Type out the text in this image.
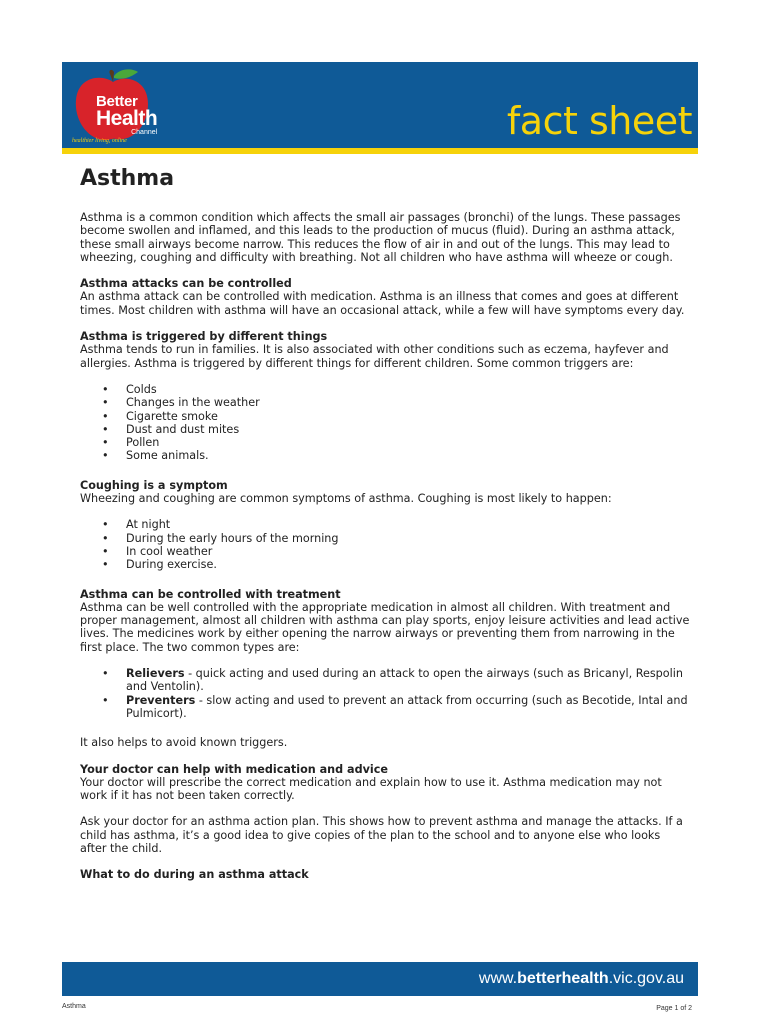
Better
Health
Channel
healthier living, online	fact sheet
Asthma

Asthma is a common condition which affects the small air passages (bronchi) of the lungs. These passages become swollen and inflamed, and this leads to the production of mucus (fluid). During an asthma attack, these small airways become narrow. This reduces the flow of air in and out of the lungs. This may lead to wheezing, coughing and difficulty with breathing. Not all children who have asthma will wheeze or cough.

Asthma attacks can be controlled

An asthma attack can be controlled with medication. Asthma is an illness that comes and goes at different times. Most children with asthma will have an occasional attack, while a few will have symptoms every day.

Asthma is triggered by different things

Asthma tends to run in families. It is also associated with other conditions such as eczema, hayfever and allergies. Asthma is triggered by different things for different children. Some common triggers are:

• Colds
• Changes in the weather
• Cigarette smoke
• Dust and dust mites
• Pollen
• Some animals.
Coughing is a symptom

Wheezing and coughing are common symptoms of asthma. Coughing is most likely to happen:

• At night
• During the early hours of the morning
• In cool weather
• During exercise.
Asthma can be controlled with treatment

Asthma can be well controlled with the appropriate medication in almost all children. With treatment and proper management, almost all children with asthma can play sports, enjoy leisure activities and lead active lives. The medicines work by either opening the narrow airways or preventing them from narrowing in the first place. The two common types are:

• Relievers - quick acting and used during an attack to open the airways (such as Bricanyl, Respolin and Ventolin).
• Preventers - slow acting and used to prevent an attack from occurring (such as Becotide, Intal and Pulmicort).

It also helps to avoid known triggers.

Your doctor can help with medication and advice

Your doctor will prescribe the correct medication and explain how to use it. Asthma medication may not work if it has not been taken correctly.

Ask your doctor for an asthma action plan. This shows how to prevent asthma and manage the attacks. If a child has asthma, it’s a good idea to give copies of the plan to the school and to anyone else who looks after the child.

What to do during an asthma attack
www.betterhealth.vic.gov.au
Asthma	Page 1 of 2
